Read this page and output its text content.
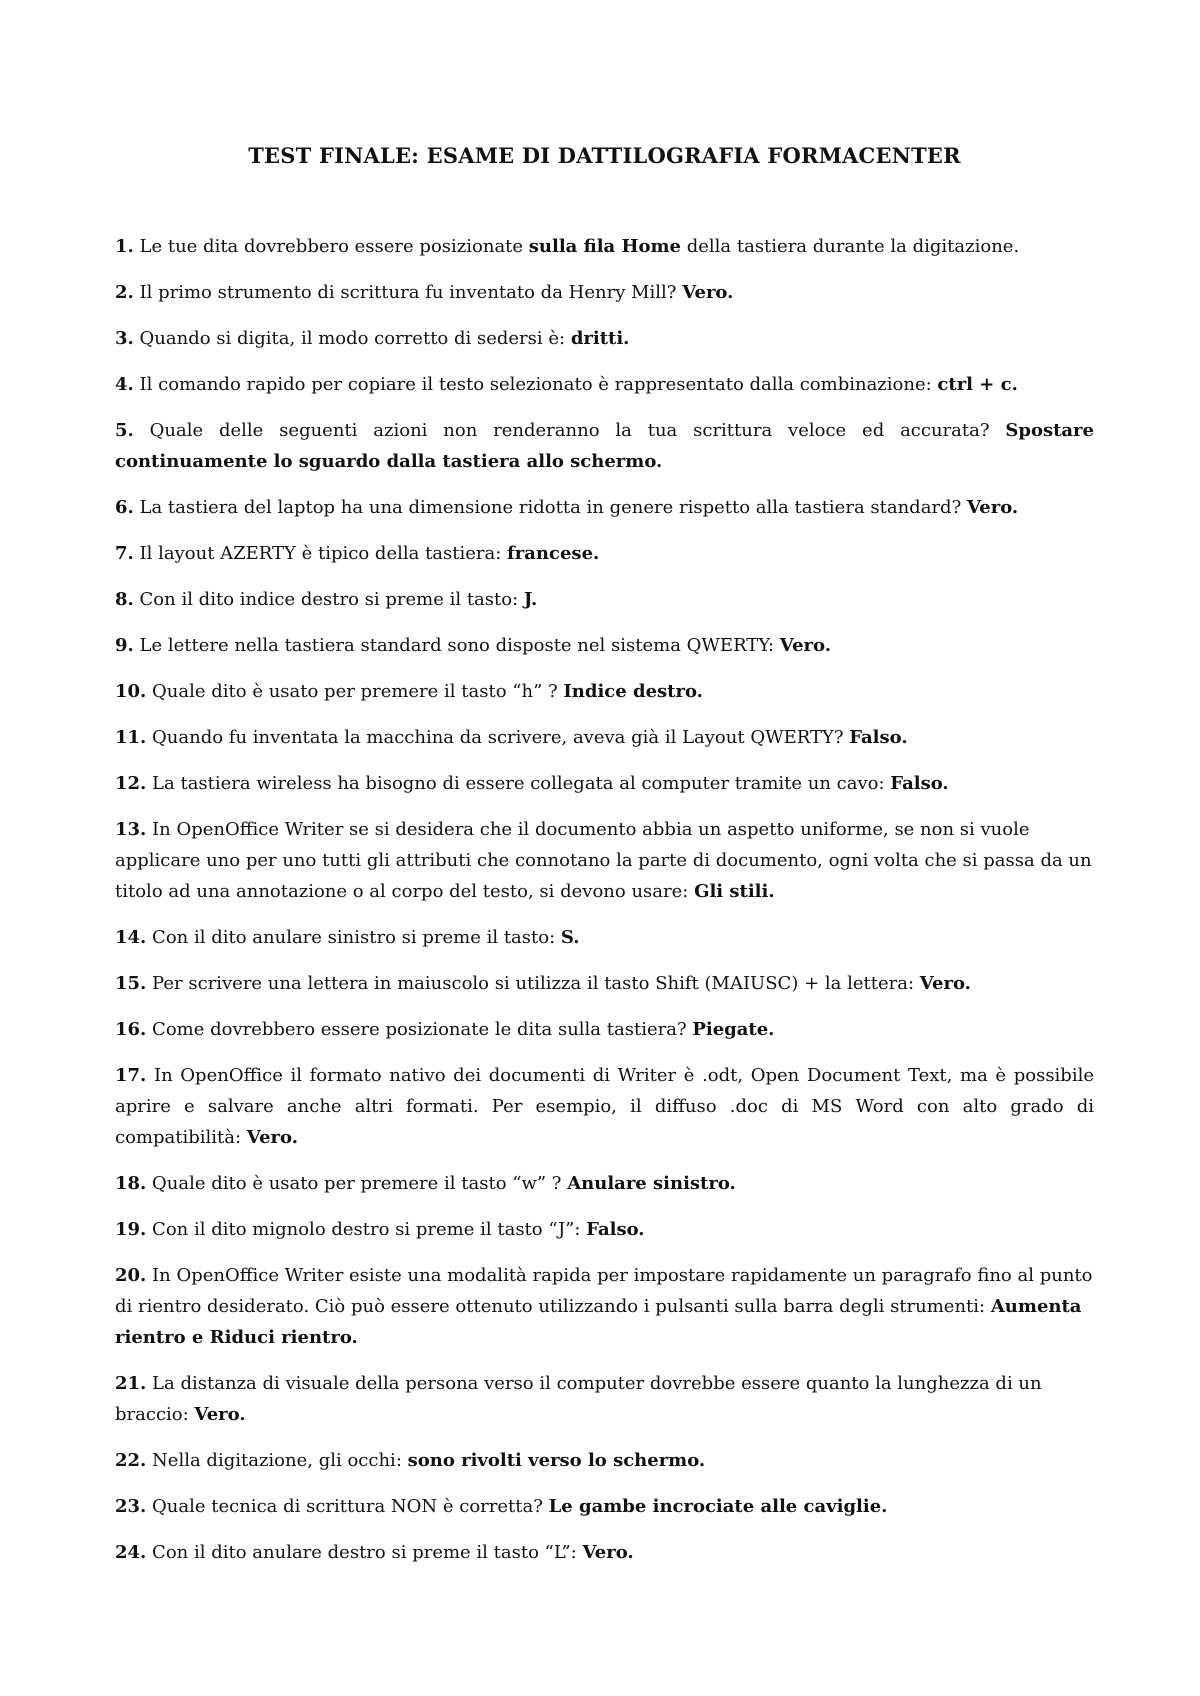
TEST FINALE: ESAME DI DATTILOGRAFIA FORMACENTER

1. Le tue dita dovrebbero essere posizionate sulla fila Home della tastiera durante la digitazione.

2. Il primo strumento di scrittura fu inventato da Henry Mill? Vero.

3. Quando si digita, il modo corretto di sedersi è: dritti.

4. Il comando rapido per copiare il testo selezionato è rappresentato dalla combinazione: ctrl + c.

5. Quale delle seguenti azioni non renderanno la tua scrittura veloce ed accurata? Spostare continuamente lo sguardo dalla tastiera allo schermo.

6. La tastiera del laptop ha una dimensione ridotta in genere rispetto alla tastiera standard? Vero.

7. Il layout AZERTY è tipico della tastiera: francese.

8. Con il dito indice destro si preme il tasto: J.

9. Le lettere nella tastiera standard sono disposte nel sistema QWERTY: Vero.

10. Quale dito è usato per premere il tasto “h” ? Indice destro.

11. Quando fu inventata la macchina da scrivere, aveva già il Layout QWERTY? Falso.

12. La tastiera wireless ha bisogno di essere collegata al computer tramite un cavo: Falso.

13. In OpenOffice Writer se si desidera che il documento abbia un aspetto uniforme, se non si vuole applicare uno per uno tutti gli attributi che connotano la parte di documento, ogni volta che si passa da un titolo ad una annotazione o al corpo del testo, si devono usare: Gli stili.

14. Con il dito anulare sinistro si preme il tasto: S.

15. Per scrivere una lettera in maiuscolo si utilizza il tasto Shift (MAIUSC) + la lettera: Vero.

16. Come dovrebbero essere posizionate le dita sulla tastiera? Piegate.

17. In OpenOffice il formato nativo dei documenti di Writer è .odt, Open Document Text, ma è possibile aprire e salvare anche altri formati. Per esempio, il diffuso .doc di MS Word con alto grado di compatibilità: Vero.

18. Quale dito è usato per premere il tasto “w” ? Anulare sinistro.

19. Con il dito mignolo destro si preme il tasto “J”: Falso.

20. In OpenOffice Writer esiste una modalità rapida per impostare rapidamente un paragrafo fino al punto di rientro desiderato. Ciò può essere ottenuto utilizzando i pulsanti sulla barra degli strumenti: Aumenta rientro e Riduci rientro.

21. La distanza di visuale della persona verso il computer dovrebbe essere quanto la lunghezza di un braccio: Vero.

22. Nella digitazione, gli occhi: sono rivolti verso lo schermo.

23. Quale tecnica di scrittura NON è corretta? Le gambe incrociate alle caviglie.

24. Con il dito anulare destro si preme il tasto “L”: Vero.
